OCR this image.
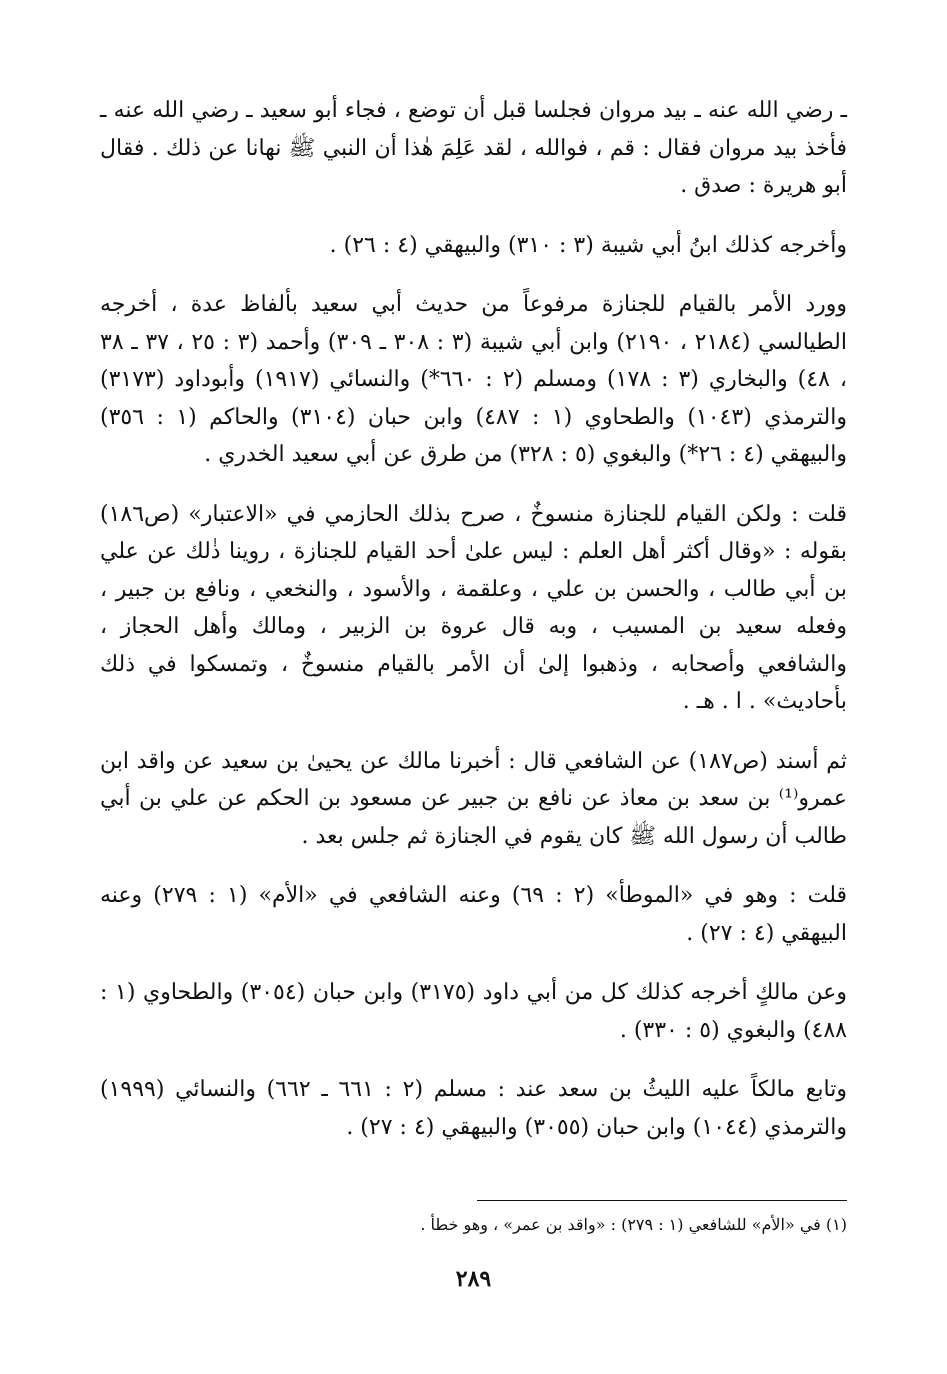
ـ رضي الله عنه ـ بيد مروان فجلسا قبل أن توضع ، فجاء أبو سعيد ـ رضي الله عنه ـ فأخذ بيد مروان فقال : قم ، فوالله ، لقد عَلِمَ هٰذا أن النبي ﷺ نهانا عن ذلك . فقال أبو هريرة : صدق .

وأخرجه كذلك ابنُ أبي شيبة (٣ : ٣١٠) والبيهقي (٤ : ٢٦) .

وورد الأمر بالقيام للجنازة مرفوعاً من حديث أبي سعيد بألفاظ عدة ، أخرجه الطيالسي (٢١٨٤ ، ٢١٩٠) وابن أبي شيبة (٣ : ٣٠٨ ـ ٣٠٩) وأحمد (٣ : ٢٥ ، ٣٧ ـ ٣٨ ، ٤٨) والبخاري (٣ : ١٧٨) ومسلم (٢ : ٦٦٠*) والنسائي (١٩١٧) وأبوداود (٣١٧٣) والترمذي (١٠٤٣) والطحاوي (١ : ٤٨٧) وابن حبان (٣١٠٤) والحاكم (١ : ٣٥٦) والبيهقي (٤ : ٢٦*) والبغوي (٥ : ٣٢٨) من طرق عن أبي سعيد الخدري .

قلت : ولكن القيام للجنازة منسوخٌ ، صرح بذلك الحازمي في «الاعتبار» (ص١٨٦) بقوله : «وقال أكثر أهل العلم : ليس علىٰ أحد القيام للجنازة ، روينا ذٰلك عن علي بن أبي طالب ، والحسن بن علي ، وعلقمة ، والأسود ، والنخعي ، ونافع بن جبير ، وفعله سعيد بن المسيب ، وبه قال عروة بن الزبير ، ومالك وأهل الحجاز ، والشافعي وأصحابه ، وذهبوا إلىٰ أن الأمر بالقيام منسوخٌ ، وتمسكوا في ذلك بأحاديث» . ا . هـ .

ثم أسند (ص١٨٧) عن الشافعي قال : أخبرنا مالك عن يحيىٰ بن سعيد عن واقد ابن عمرو⁽¹⁾ بن سعد بن معاذ عن نافع بن جبير عن مسعود بن الحكم عن علي بن أبي طالب أن رسول الله ﷺ كان يقوم في الجنازة ثم جلس بعد .

قلت : وهو في «الموطأ» (٢ : ٦٩) وعنه الشافعي في «الأم» (١ : ٢٧٩) وعنه البيهقي (٤ : ٢٧) .

وعن مالكٍ أخرجه كذلك كل من أبي داود (٣١٧٥) وابن حبان (٣٠٥٤) والطحاوي (١ : ٤٨٨) والبغوي (٥ : ٣٣٠) .

وتابع مالكاً عليه الليثُ بن سعد عند : مسلم (٢ : ٦٦١ ـ ٦٦٢) والنسائي (١٩٩٩) والترمذي (١٠٤٤) وابن حبان (٣٠٥٥) والبيهقي (٤ : ٢٧) .

(١) في «الأم» للشافعي (١ : ٢٧٩) : «واقد بن عمر» ، وهو خطأ .

٢٨٩
